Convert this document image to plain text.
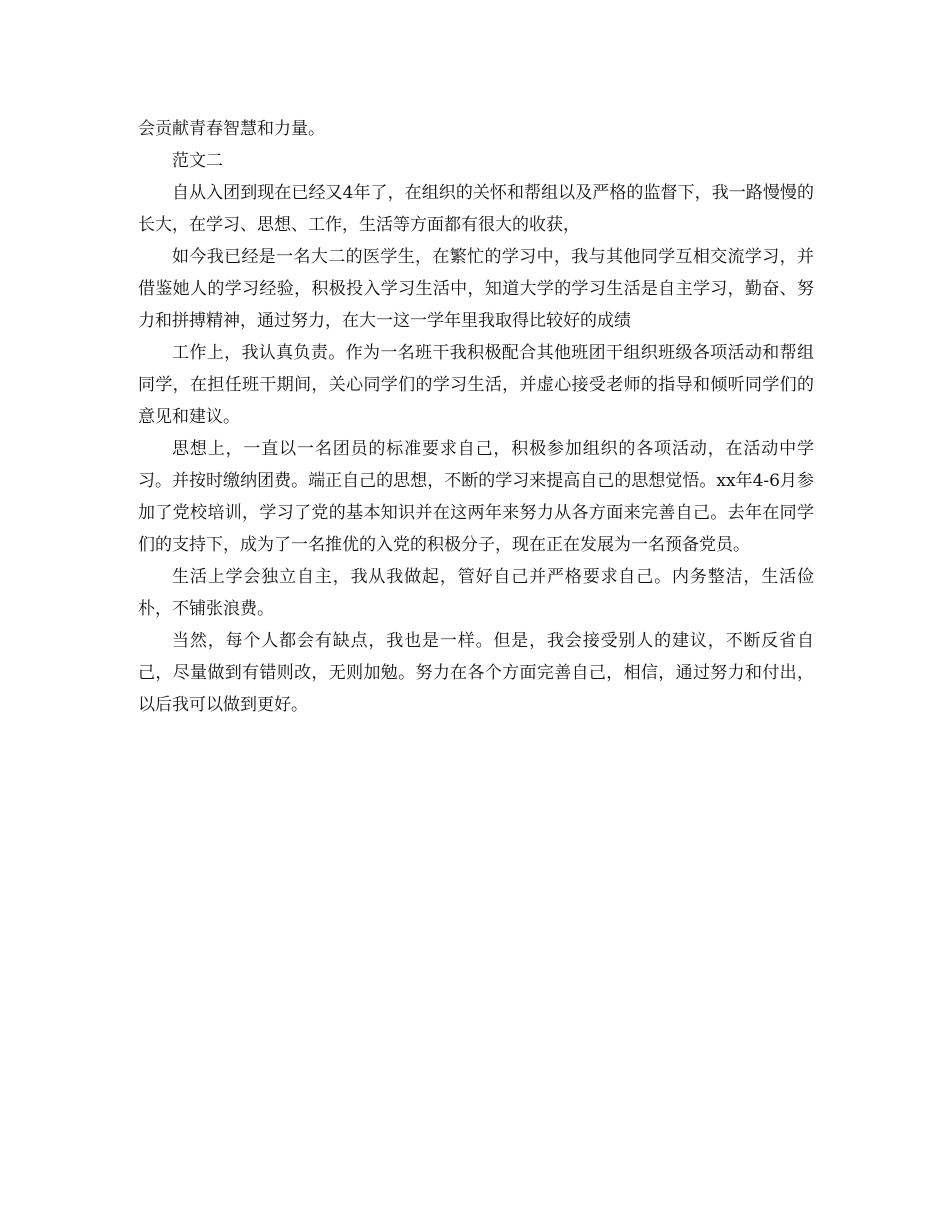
会贡献青春智慧和力量。

范文二

自从入团到现在已经又4年了，在组织的关怀和帮组以及严格的监督下，我一路慢慢的长大，在学习、思想、工作，生活等方面都有很大的收获，

如今我已经是一名大二的医学生，在繁忙的学习中，我与其他同学互相交流学习，并借鉴她人的学习经验，积极投入学习生活中，知道大学的学习生活是自主学习，勤奋、努力和拼搏精神，通过努力，在大一这一学年里我取得比较好的成绩

工作上，我认真负责。作为一名班干我积极配合其他班团干组织班级各项活动和帮组同学，在担任班干期间，关心同学们的学习生活，并虚心接受老师的指导和倾听同学们的意见和建议。

思想上，一直以一名团员的标准要求自己，积极参加组织的各项活动，在活动中学习。并按时缴纳团费。端正自己的思想，不断的学习来提高自己的思想觉悟。xx年4-6月参加了党校培训，学习了党的基本知识并在这两年来努力从各方面来完善自己。去年在同学们的支持下，成为了一名推优的入党的积极分子，现在正在发展为一名预备党员。

生活上学会独立自主，我从我做起，管好自己并严格要求自己。内务整洁，生活俭朴，不铺张浪费。

当然，每个人都会有缺点，我也是一样。但是，我会接受别人的建议，不断反省自己，尽量做到有错则改，无则加勉。努力在各个方面完善自己，相信，通过努力和付出，以后我可以做到更好。
